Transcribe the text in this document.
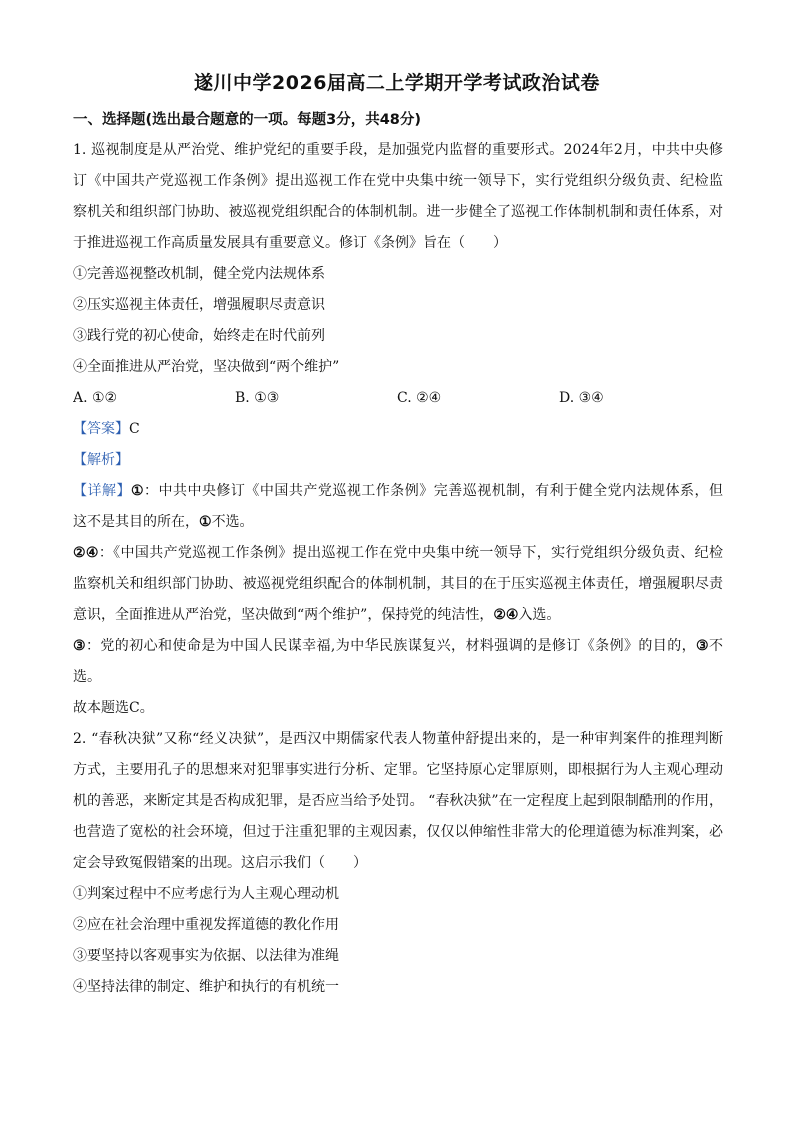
遂川中学2026届高二上学期开学考试政治试卷
一、选择题(选出最合题意的一项。每题3分，共48分)
1. 巡视制度是从严治党、维护党纪的重要手段，是加强党内监督的重要形式。2024年2月，中共中央修
订《中国共产党巡视工作条例》提出巡视工作在党中央集中统一领导下，实行党组织分级负责、纪检监
察机关和组织部门协助、被巡视党组织配合的体制机制。进一步健全了巡视工作体制机制和责任体系，对
于推进巡视工作高质量发展具有重要意义。修订《条例》旨在（　　）
①完善巡视整改机制，健全党内法规体系
②压实巡视主体责任，增强履职尽责意识
③践行党的初心使命，始终走在时代前列
④全面推进从严治党，坚决做到“两个维护”
A. ①②	B. ①③	C. ②④	D. ③④
【答案】C
【解析】
【详解】①：中共中央修订《中国共产党巡视工作条例》完善巡视机制，有利于健全党内法规体系，但
这不是其目的所在，①不选。
②④：《中国共产党巡视工作条例》提出巡视工作在党中央集中统一领导下，实行党组织分级负责、纪检
监察机关和组织部门协助、被巡视党组织配合的体制机制，其目的在于压实巡视主体责任，增强履职尽责
意识，全面推进从严治党，坚决做到“两个维护”，保持党的纯洁性，②④入选。
③：党的初心和使命是为中国人民谋幸福,为中华民族谋复兴，材料强调的是修订《条例》的目的，③不
选。
故本题选C。
2. “春秋决狱”又称“经义决狱”，是西汉中期儒家代表人物董仲舒提出来的，是一种审判案件的推理判断
方式，主要用孔子的思想来对犯罪事实进行分析、定罪。它坚持原心定罪原则，即根据行为人主观心理动
机的善恶，来断定其是否构成犯罪，是否应当给予处罚。 “春秋决狱”在一定程度上起到限制酷刑的作用，
也营造了宽松的社会环境，但过于注重犯罪的主观因素，仅仅以伸缩性非常大的伦理道德为标准判案，必
定会导致冤假错案的出现。这启示我们（　　）
①判案过程中不应考虑行为人主观心理动机
②应在社会治理中重视发挥道德的教化作用
③要坚持以客观事实为依据、以法律为准绳
④坚持法律的制定、维护和执行的有机统一
